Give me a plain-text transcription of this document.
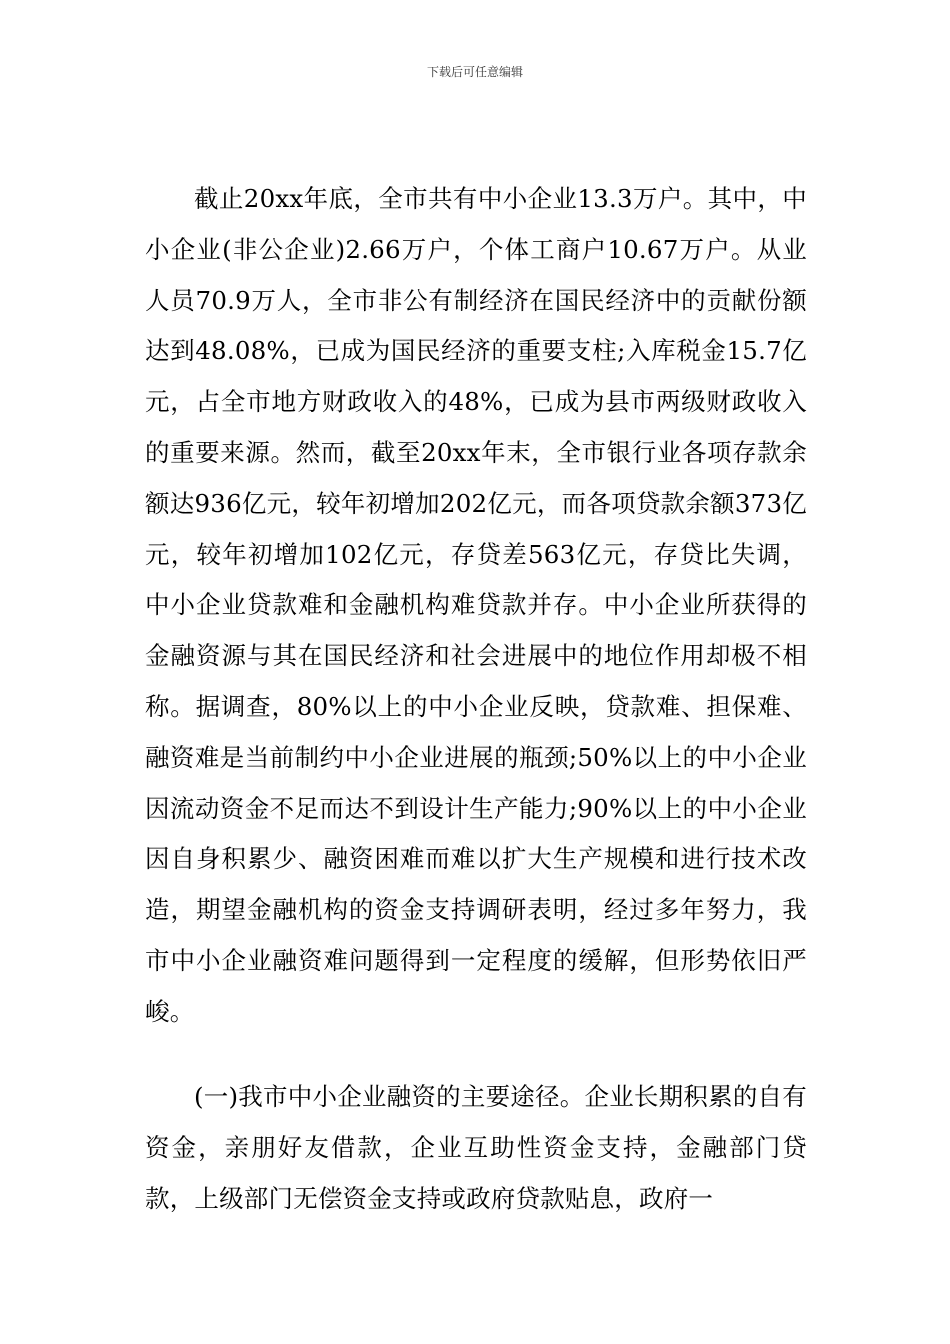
下载后可任意编辑

截止20xx年底，全市共有中小企业13.3万户。其中，中小企业(非公企业)2.66万户，个体工商户10.67万户。从业人员70.9万人，全市非公有制经济在国民经济中的贡献份额达到48.08%，已成为国民经济的重要支柱;入库税金15.7亿元，占全市地方财政收入的48%，已成为县市两级财政收入的重要来源。然而，截至20xx年末，全市银行业各项存款余额达936亿元，较年初增加202亿元，而各项贷款余额373亿元，较年初增加102亿元，存贷差563亿元，存贷比失调，中小企业贷款难和金融机构难贷款并存。中小企业所获得的金融资源与其在国民经济和社会进展中的地位作用却极不相称。据调查，80%以上的中小企业反映，贷款难、担保难、融资难是当前制约中小企业进展的瓶颈;50%以上的中小企业因流动资金不足而达不到设计生产能力;90%以上的中小企业因自身积累少、融资困难而难以扩大生产规模和进行技术改造，期望金融机构的资金支持调研表明，经过多年努力，我市中小企业融资难问题得到一定程度的缓解，但形势依旧严峻。

(一)我市中小企业融资的主要途径。企业长期积累的自有资金，亲朋好友借款，企业互助性资金支持，金融部门贷款，上级部门无偿资金支持或政府贷款贴息，政府一
